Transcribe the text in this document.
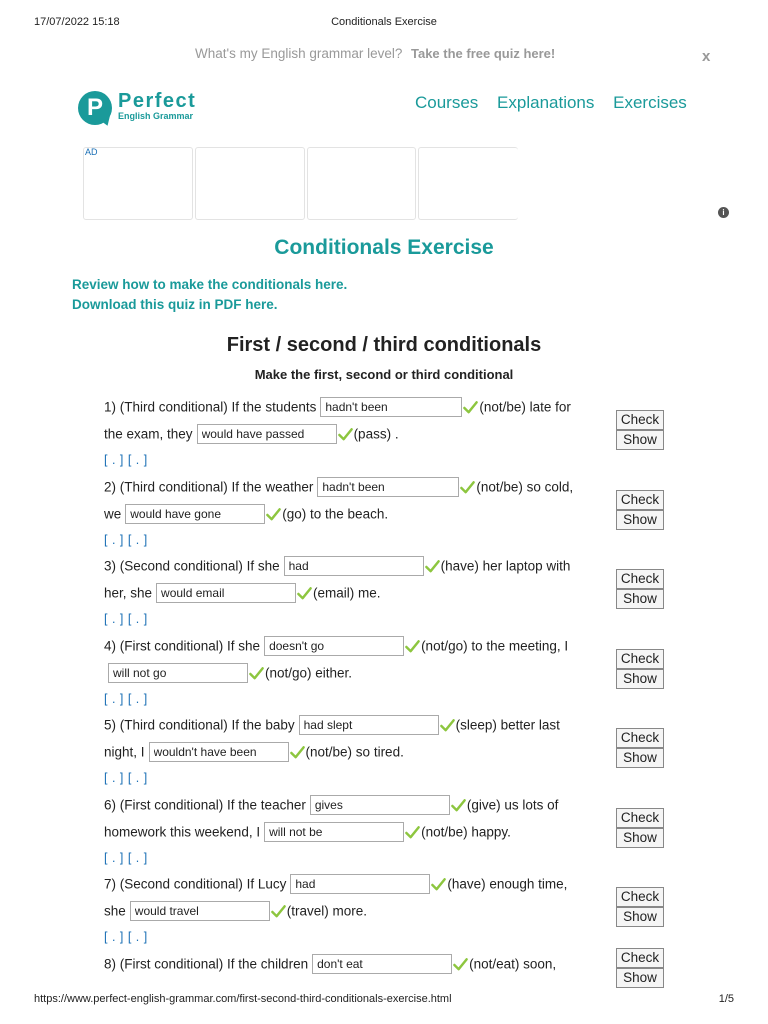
17/07/2022 15:18	Conditionals Exercise
What's my English grammar level? Take the free quiz here!	x
P Perfect
English Grammar
Courses Explanations Exercises
AD
i
Conditionals Exercise
Review how to make the conditionals here.
Download this quiz in PDF here.
First / second / third conditionals
Make the first, second or third conditional
1) (Third conditional) If the studentshadn't been	(not/be) late for
the exam, theywould have passed	(pass) .
[ . ] [ . ]
Check
Show
2) (Third conditional) If the weatherhadn't been	(not/be) so cold,
wewould have gone	(go) to the beach.
[ . ] [ . ]
Check
Show
3) (Second conditional) If shehad	(have) her laptop with
her, shewould email	(email) me.
[ . ] [ . ]
Check
Show
4) (First conditional) If shedoesn't go	(not/go) to the meeting, I
will not go(not/go) either.
[ . ] [ . ]
Check
Show
5) (Third conditional) If the babyhad slept	(sleep) better last
night, Iwouldn't have been	(not/be) so tired.
[ . ] [ . ]
Check
Show
6) (First conditional) If the teachergives	(give) us lots of
homework this weekend, Iwill not be	(not/be) happy.
[ . ] [ . ]
Check
Show
7) (Second conditional) If Lucyhad	(have) enough time,
shewould travel	(travel) more.
[ . ] [ . ]
Check
Show
8) (First conditional) If the childrendon't eat	(not/eat) soon,	Check
Show
https://www.perfect-english-grammar.com/first-second-third-conditionals-exercise.html	1/5
